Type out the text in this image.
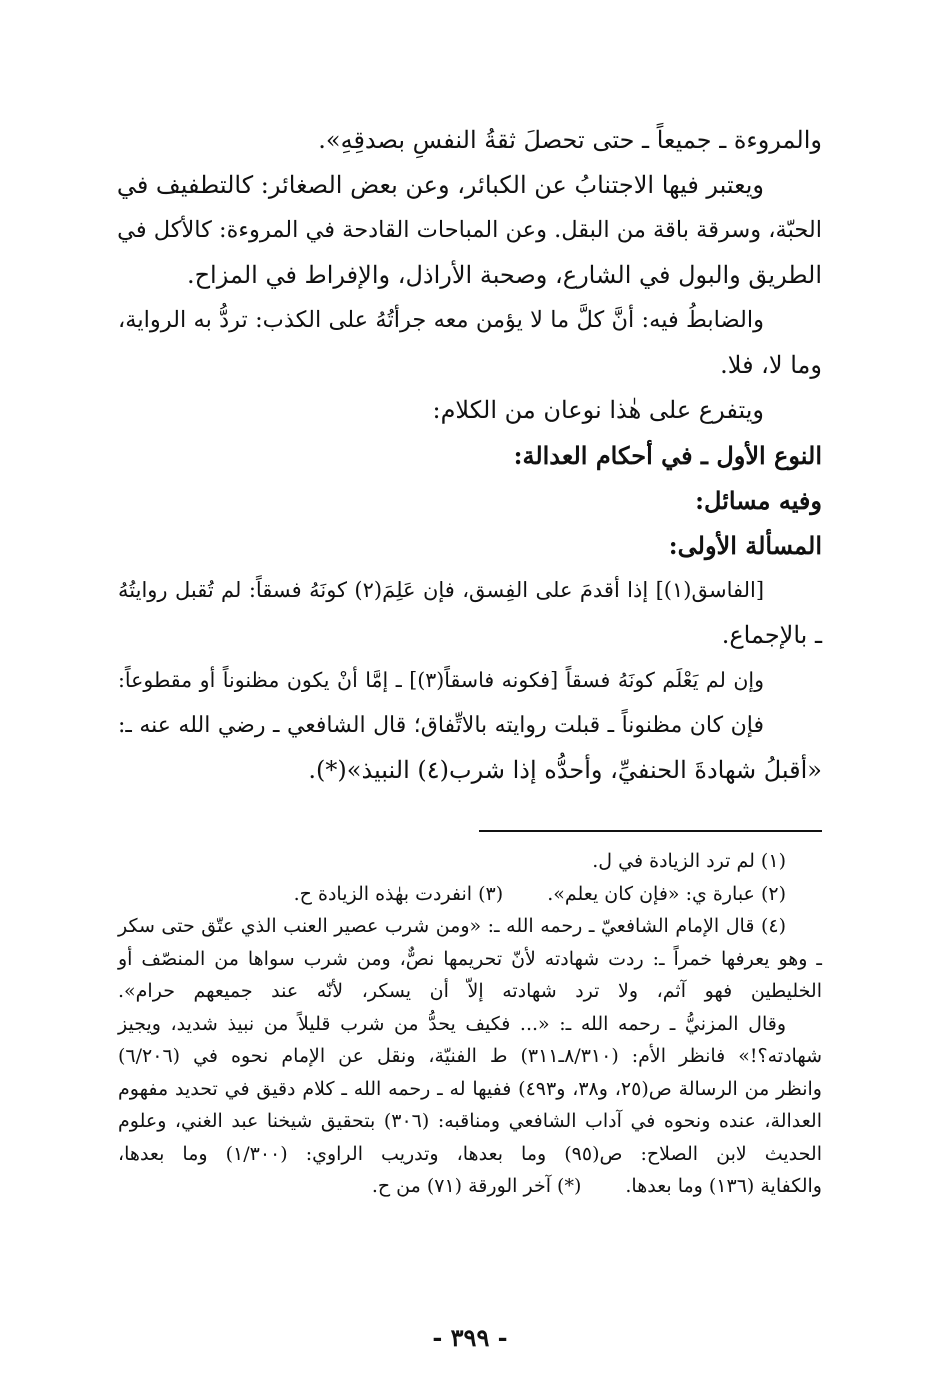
والمروءة ـ جميعاً ـ حتى تحصلَ ثقةُ النفسِ بصدقِهِ».
ويعتبر فيها الاجتنابُ عن الكبائر، وعن بعض الصغائر: كالتطفيف في
الحبّة، وسرقة باقة من البقل. وعن المباحات القادحة في المروءة: كالأكل في
الطريق والبول في الشارع، وصحبة الأراذل، والإفراط في المزاح.
والضابطُ فيه: أنَّ كلَّ ما لا يؤمن معه جرأتُهُ على الكذب: تردُّ به الرواية،
وما لا، فلا.
ويتفرع على هٰذا نوعان من الكلام:
النوع الأول ـ في أحكام العدالة:
وفيه مسائل:
المسألة الأولى:
[الفاسق(١)] إذا أقدمَ على الفِسق، فإن عَلِمَ(٢) كونَهُ فسقاً: لم تُقبل روايتُهُ
ـ بالإجماع.
وإن لم يَعْلَم كونَهُ فسقاً [فكونه فاسقاً(٣)] ـ إمَّا أنْ يكون مظنوناً أو مقطوعاً:
فإن كان مظنوناً ـ قبلت روايته بالاتِّفاق؛ قال الشافعي ـ رضي الله عنه ـ:
«أقبلُ شهادةَ الحنفيِّ، وأحدُّه إذا شرب(٤) النبيذ»(*).
(١) لم ترد الزيادة في ل.
(٢) عبارة ي: «فإن كان يعلم».
(٣) انفردت بهٰذه الزيادة ح.
(٤) قال الإمام الشافعيّ ـ رحمه الله ـ: «ومن شرب عصير العنب الذي عتّق حتى سكر
ـ وهو يعرفها خمراً ـ: ردت شهادته لأنّ تحريمها نصٌّ، ومن شرب سواها من المنصّف أو
الخليطين فهو آثم، ولا ترد شهادته إلاّ أن يسكر، لأنّه عند جميعهم حرام».
وقال المزنيُّ ـ رحمه الله ـ: «... فكيف يحدُّ من شرب قليلاً من نبيذ شديد، ويجيز
شهادته؟!» فانظر الأم: (٨/٣١٠ـ٣١١) ط الفنيّة، ونقل عن الإمام نحوه في (٦/٢٠٦)
وانظر من الرسالة ص(٢٥، و٣٨، و٤٩٣) ففيها له ـ رحمه الله ـ كلام دقيق في تحديد مفهوم
العدالة، عنده ونحوه في آداب الشافعي ومناقبه: (٣٠٦) بتحقيق شيخنا عبد الغني، وعلوم
الحديث لابن الصلاح: ص(٩٥) وما بعدها، وتدريب الراوي: (١/٣٠٠) وما بعدها،
والكفاية (١٣٦) وما بعدها.
(*) آخر الورقة (٧١) من ح.
- ٣٩٩ -
